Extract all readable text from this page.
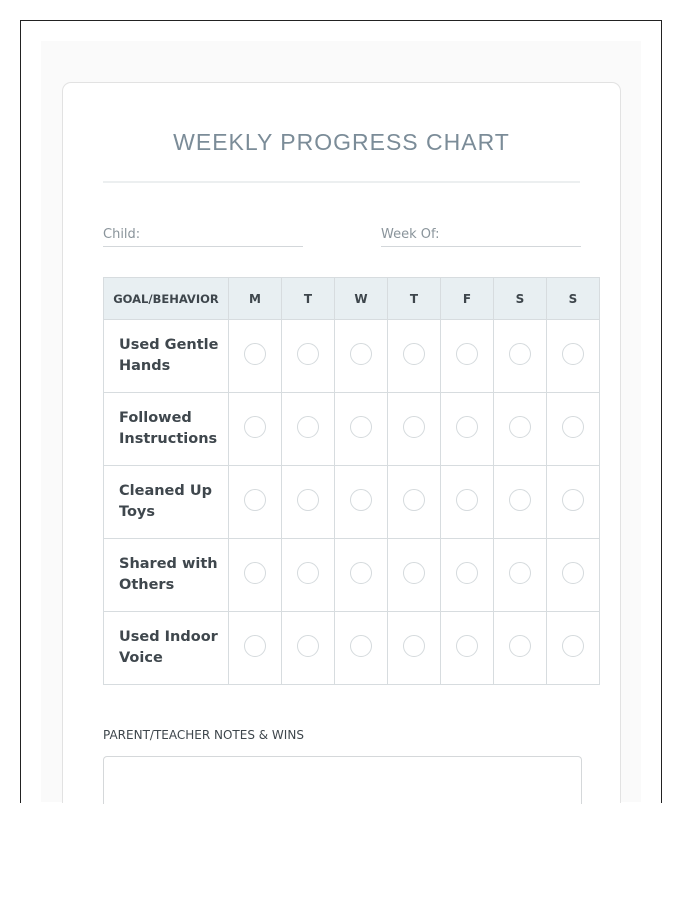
WEEKLY PROGRESS CHART
Child:	Week Of:
GOAL/BEHAVIOR	M	T	W	T	F	S	S
Used Gentle Hands							
Followed Instructions							
Cleaned Up Toys							
Shared with Others							
Used Indoor Voice							
PARENT/TEACHER NOTES & WINS
